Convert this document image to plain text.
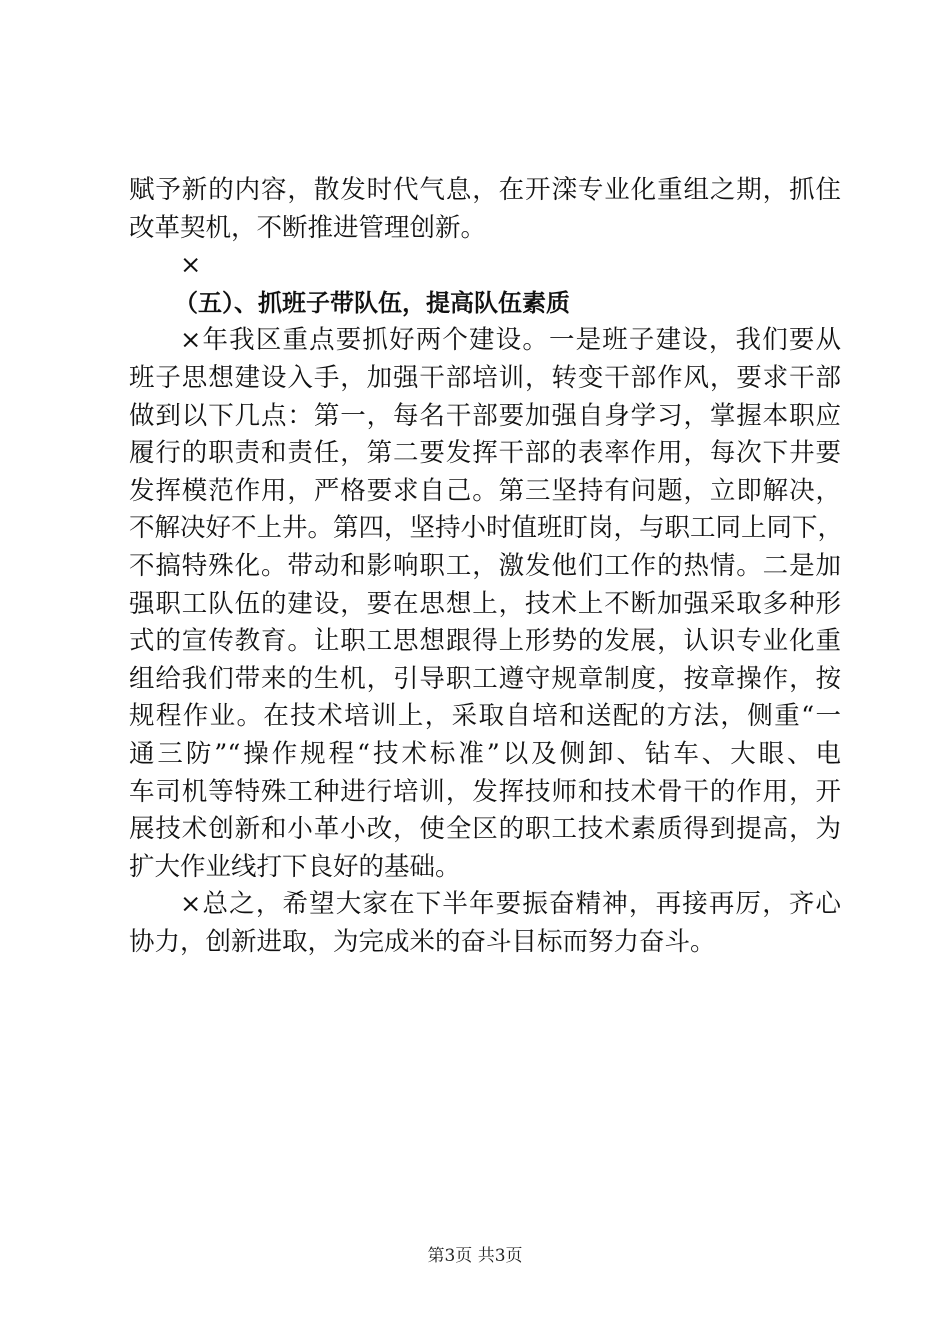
赋予新的内容，散发时代气息，在开滦专业化重组之期，抓住
改革契机，不断推进管理创新。
×
（五）、抓班子带队伍，提高队伍素质
×年我区重点要抓好两个建设。一是班子建设，我们要从
班子思想建设入手，加强干部培训，转变干部作风，要求干部
做到以下几点：第一，每名干部要加强自身学习，掌握本职应
履行的职责和责任，第二要发挥干部的表率作用，每次下井要
发挥模范作用，严格要求自己。第三坚持有问题，立即解决，
不解决好不上井。第四，坚持小时值班盯岗，与职工同上同下，
不搞特殊化。带动和影响职工，激发他们工作的热情。二是加
强职工队伍的建设，要在思想上，技术上不断加强采取多种形
式的宣传教育。让职工思想跟得上形势的发展，认识专业化重
组给我们带来的生机，引导职工遵守规章制度，按章操作，按
规程作业。在技术培训上，采取自培和送配的方法，侧重“一
通三防”“操作规程“技术标准”以及侧卸、钻车、大眼、电
车司机等特殊工种进行培训，发挥技师和技术骨干的作用，开
展技术创新和小革小改，使全区的职工技术素质得到提高，为
扩大作业线打下良好的基础。
×总之，希望大家在下半年要振奋精神，再接再厉，齐心
协力，创新进取，为完成米的奋斗目标而努力奋斗。
第3页 共3页
